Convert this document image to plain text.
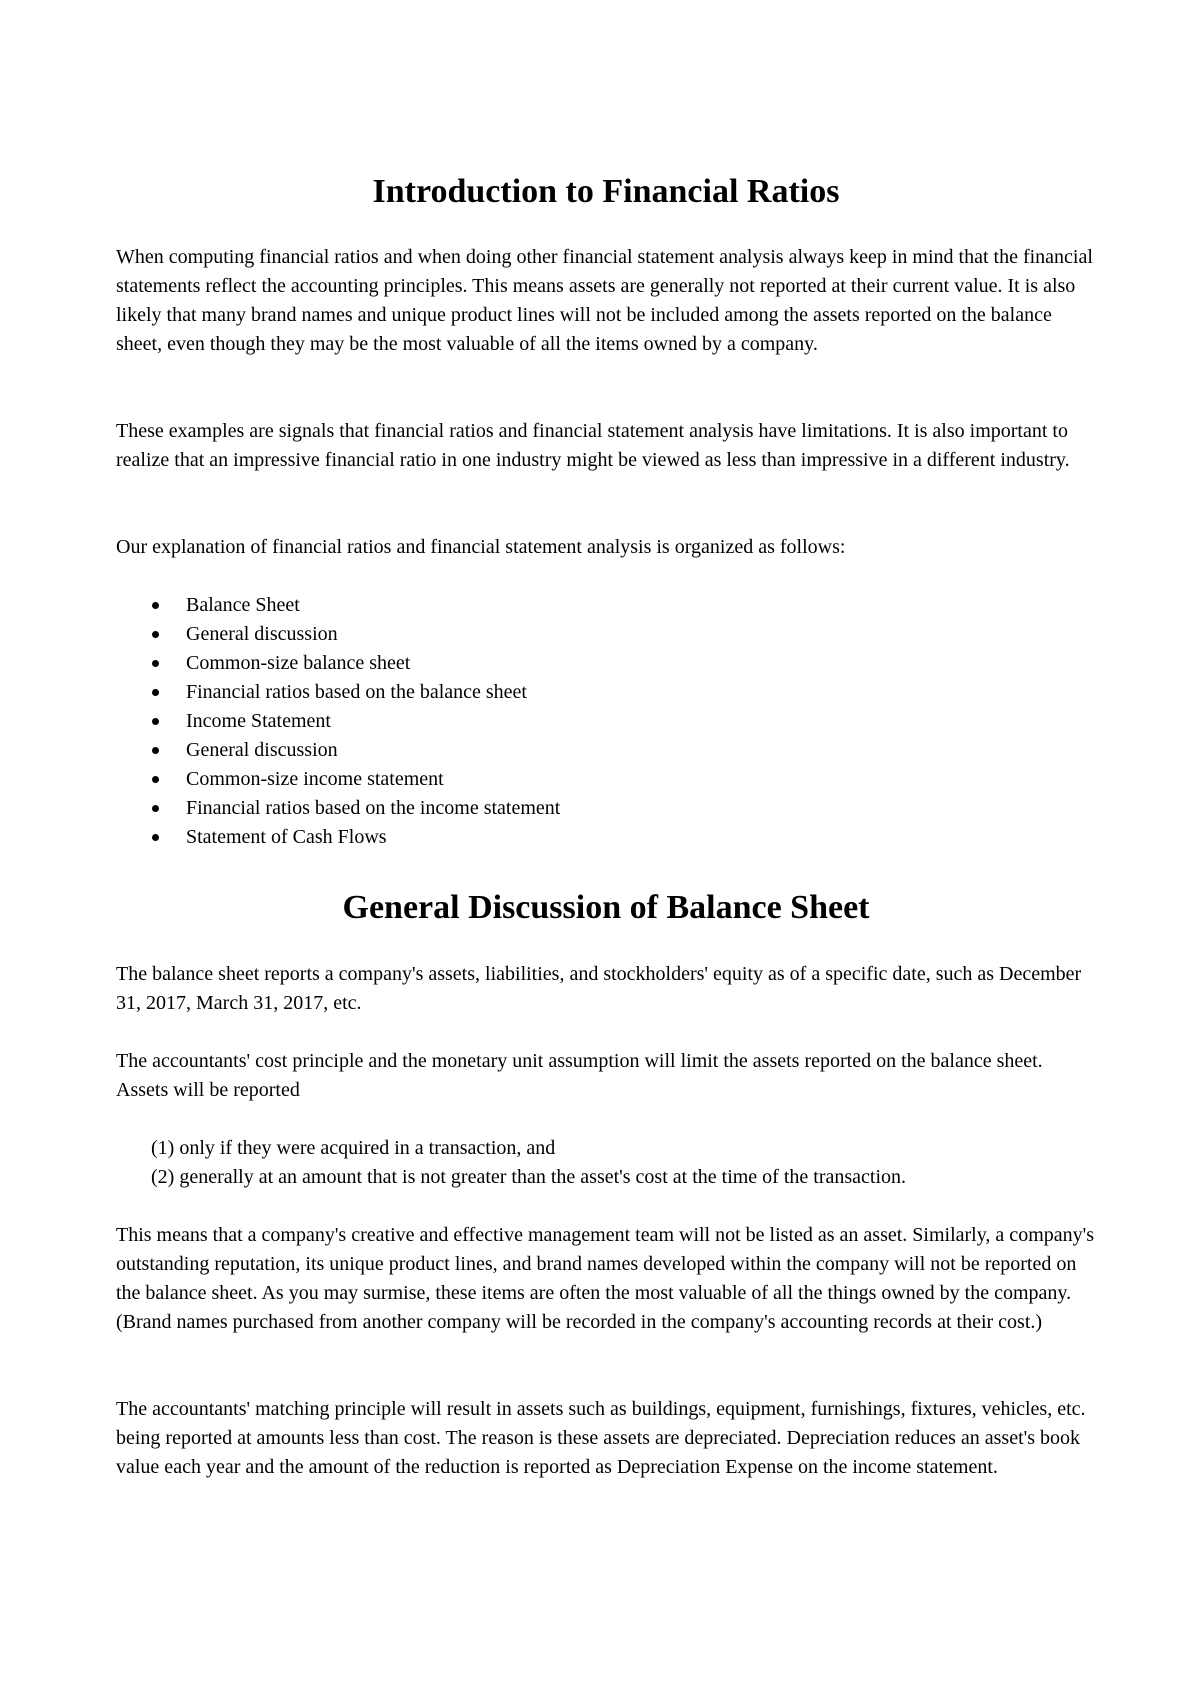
Introduction to Financial Ratios

When computing financial ratios and when doing other financial statement analysis always keep in mind that the financial statements reflect the accounting principles. This means assets are generally not reported at their current value. It is also likely that many brand names and unique product lines will not be included among the assets reported on the balance sheet, even though they may be the most valuable of all the items owned by a company.

These examples are signals that financial ratios and financial statement analysis have limitations. It is also important to realize that an impressive financial ratio in one industry might be viewed as less than impressive in a different industry.

Our explanation of financial ratios and financial statement analysis is organized as follows:

Balance Sheet
General discussion
Common-size balance sheet
Financial ratios based on the balance sheet
Income Statement
General discussion
Common-size income statement
Financial ratios based on the income statement
Statement of Cash Flows
General Discussion of Balance Sheet

The balance sheet reports a company's assets, liabilities, and stockholders' equity as of a specific date, such as December 31, 2017, March 31, 2017, etc.

The accountants' cost principle and the monetary unit assumption will limit the assets reported on the balance sheet. Assets will be reported

(1) only if they were acquired in a transaction, and
(2) generally at an amount that is not greater than the asset's cost at the time of the transaction.

This means that a company's creative and effective management team will not be listed as an asset. Similarly, a company's outstanding reputation, its unique product lines, and brand names developed within the company will not be reported on the balance sheet. As you may surmise, these items are often the most valuable of all the things owned by the company. (Brand names purchased from another company will be recorded in the company's accounting records at their cost.)

The accountants' matching principle will result in assets such as buildings, equipment, furnishings, fixtures, vehicles, etc. being reported at amounts less than cost. The reason is these assets are depreciated. Depreciation reduces an asset's book value each year and the amount of the reduction is reported as Depreciation Expense on the income statement.
